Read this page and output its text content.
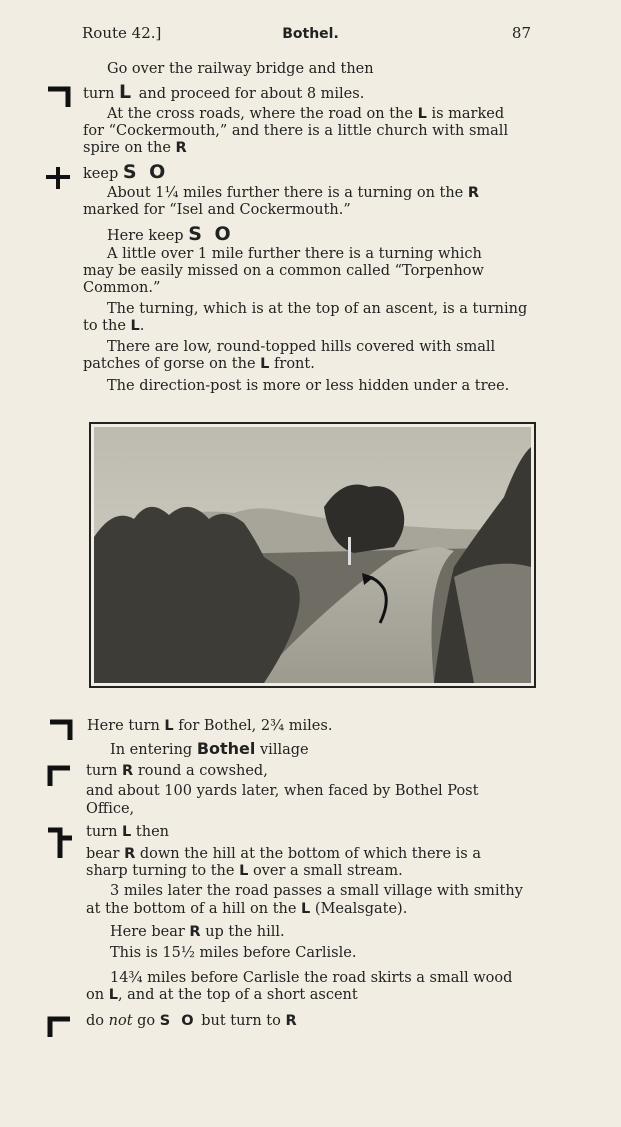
Route 42.]	Bothel.	87
Go over the railway bridge and then
turn L and proceed for about 8 miles.
At the cross roads, where the road on the L is marked
for “Cockermouth,” and there is a little church with small
spire on the R
keep S O
About 1¼ miles further there is a turning on the R
marked for “Isel and Cockermouth.”
Here keep S O
A little over 1 mile further there is a turning which
may be easily missed on a common called “Torpenhow
Common.”
The turning, which is at the top of an ascent, is a turning
to the L.
There are low, round-topped hills covered with small
patches of gorse on the L front.
The direction-post is more or less hidden under a tree.
Here turn L for Bothel, 2¾ miles.
In entering Bothel village
turn R round a cowshed,
and about 100 yards later, when faced by Bothel Post
Office,
turn L then
bear R down the hill at the bottom of which there is a
sharp turning to the L over a small stream.
3 miles later the road passes a small village with smithy
at the bottom of a hill on the L (Mealsgate).
Here bear R up the hill.
This is 15½ miles before Carlisle.
14¾ miles before Carlisle the road skirts a small wood
on L, and at the top of a short ascent
do not go S O but turn to R
